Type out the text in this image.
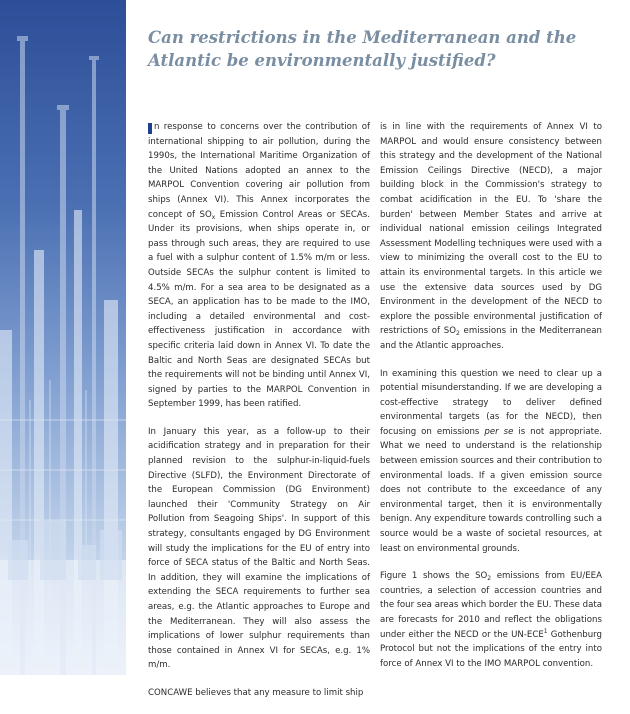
Can restrictions in the Mediterranean and the Atlantic be environmentally justified?

n response to concerns over the contribution of international shipping to air pollution, during the 1990s, the International Maritime Organization of the United Nations adopted an annex to the MARPOL Convention covering air pollution from ships (Annex VI). This Annex incorporates the concept of $SO_x$ Emission Control Areas or SECAs. Under its provisions, when ships operate in, or pass through such areas, they are required to use a fuel with a sulphur content of 1.5% m/m or less. Outside SECAs the sulphur content is limited to 4.5% m/m. For a sea area to be designated as a SECA, an application has to be made to the IMO, including a detailed environmental and cost-effectiveness justification in accordance with specific criteria laid down in Annex VI. To date the Baltic and North Seas are designated SECAs but the requirements will not be binding until Annex VI, signed by parties to the MARPOL Convention in September 1999, has been ratified.

In January this year, as a follow-up to their acidification strategy and in preparation for their planned revision to the sulphur-in-liquid-fuels Directive (SLFD), the Environment Directorate of the European Commission (DG Environment) launched their 'Community Strategy on Air Pollution from Seagoing Ships'. In support of this strategy, consultants engaged by DG Environment will study the implications for the EU of entry into force of SECA status of the Baltic and North Seas. In addition, they will examine the implications of extending the SECA requirements to further sea areas, e.g. the Atlantic approaches to Europe and the Mediterranean. They will also assess the implications of lower sulphur requirements than those contained in Annex VI for SECAs, e.g. 1% m/m.

CONCAWE believes that any measure to limit ship

is in line with the requirements of Annex VI to MARPOL and would ensure consistency between this strategy and the development of the National Emission Ceilings Directive (NECD), a major building block in the Commission's strategy to combat acidification in the EU. To 'share the burden' between Member States and arrive at individual national emission ceilings Integrated Assessment Modelling techniques were used with a view to minimizing the overall cost to the EU to attain its environmental targets. In this article we use the extensive data sources used by DG Environment in the development of the NECD to explore the possible environmental justification of restrictions of $SO_2$ emissions in the Mediterranean and the Atlantic approaches.

In examining this question we need to clear up a potential misunderstanding. If we are developing a cost-effective strategy to deliver defined environmental targets (as for the NECD), then focusing on emissions per se is not appropriate. What we need to understand is the relationship between emission sources and their contribution to environmental loads. If a given emission source does not contribute to the exceedance of any environmental target, then it is environmentally benign. Any expenditure towards controlling such a source would be a waste of societal resources, at least on environmental grounds.

Figure 1 shows the $SO_2$ emissions from EU/EEA countries, a selection of accession countries and the four sea areas which border the EU. These data are forecasts for 2010 and reflect the obligations under either the NECD or the UN-ECE$^1$ Gothenburg Protocol but not the implications of the entry into force of Annex VI to the IMO MARPOL convention.
